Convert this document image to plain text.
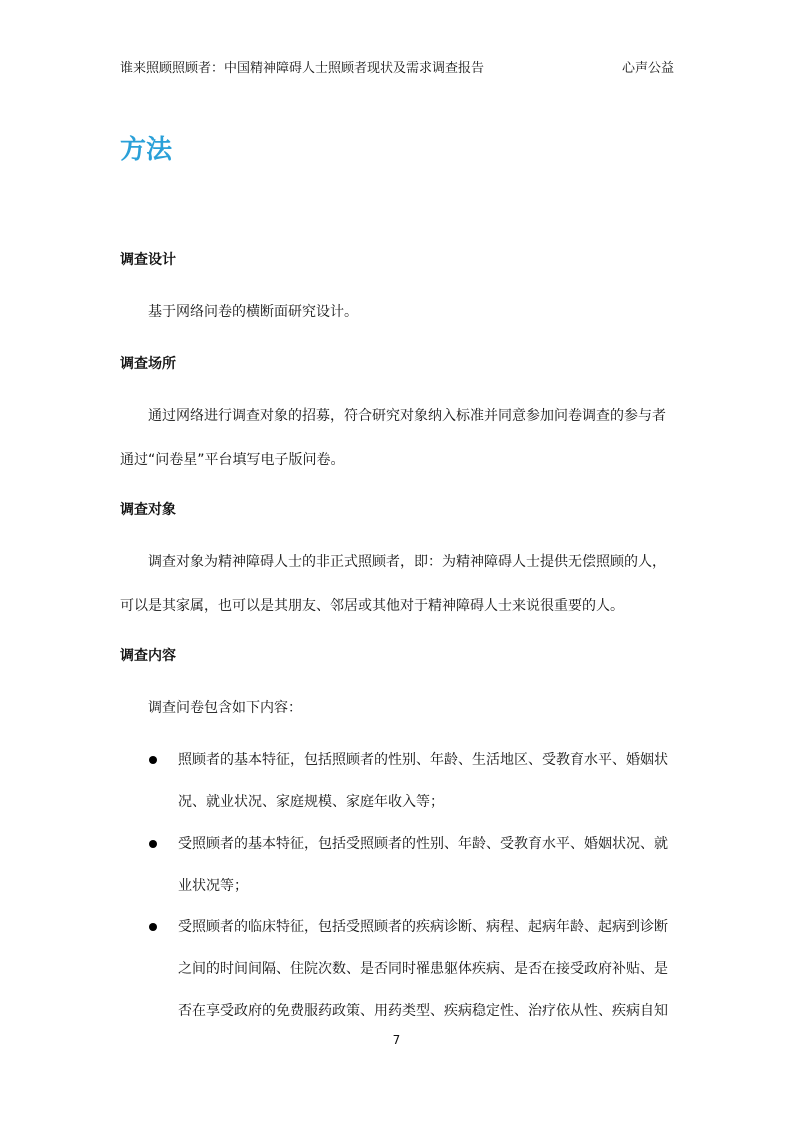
谁来照顾照顾者：中国精神障碍人士照顾者现状及需求调查报告	心声公益
方法
调查设计
基于网络问卷的横断面研究设计。
调查场所
通过网络进行调查对象的招募，符合研究对象纳入标准并同意参加问卷调查的参与者
通过“问卷星”平台填写电子版问卷。
调查对象
调查对象为精神障碍人士的非正式照顾者，即：为精神障碍人士提供无偿照顾的人，
可以是其家属，也可以是其朋友、邻居或其他对于精神障碍人士来说很重要的人。
调查内容
调查问卷包含如下内容：
照顾者的基本特征，包括照顾者的性别、年龄、生活地区、受教育水平、婚姻状
况、就业状况、家庭规模、家庭年收入等；
受照顾者的基本特征，包括受照顾者的性别、年龄、受教育水平、婚姻状况、就
业状况等；
受照顾者的临床特征，包括受照顾者的疾病诊断、病程、起病年龄、起病到诊断
之间的时间间隔、住院次数、是否同时罹患躯体疾病、是否在接受政府补贴、是
否在享受政府的免费服药政策、用药类型、疾病稳定性、治疗依从性、疾病自知
7
